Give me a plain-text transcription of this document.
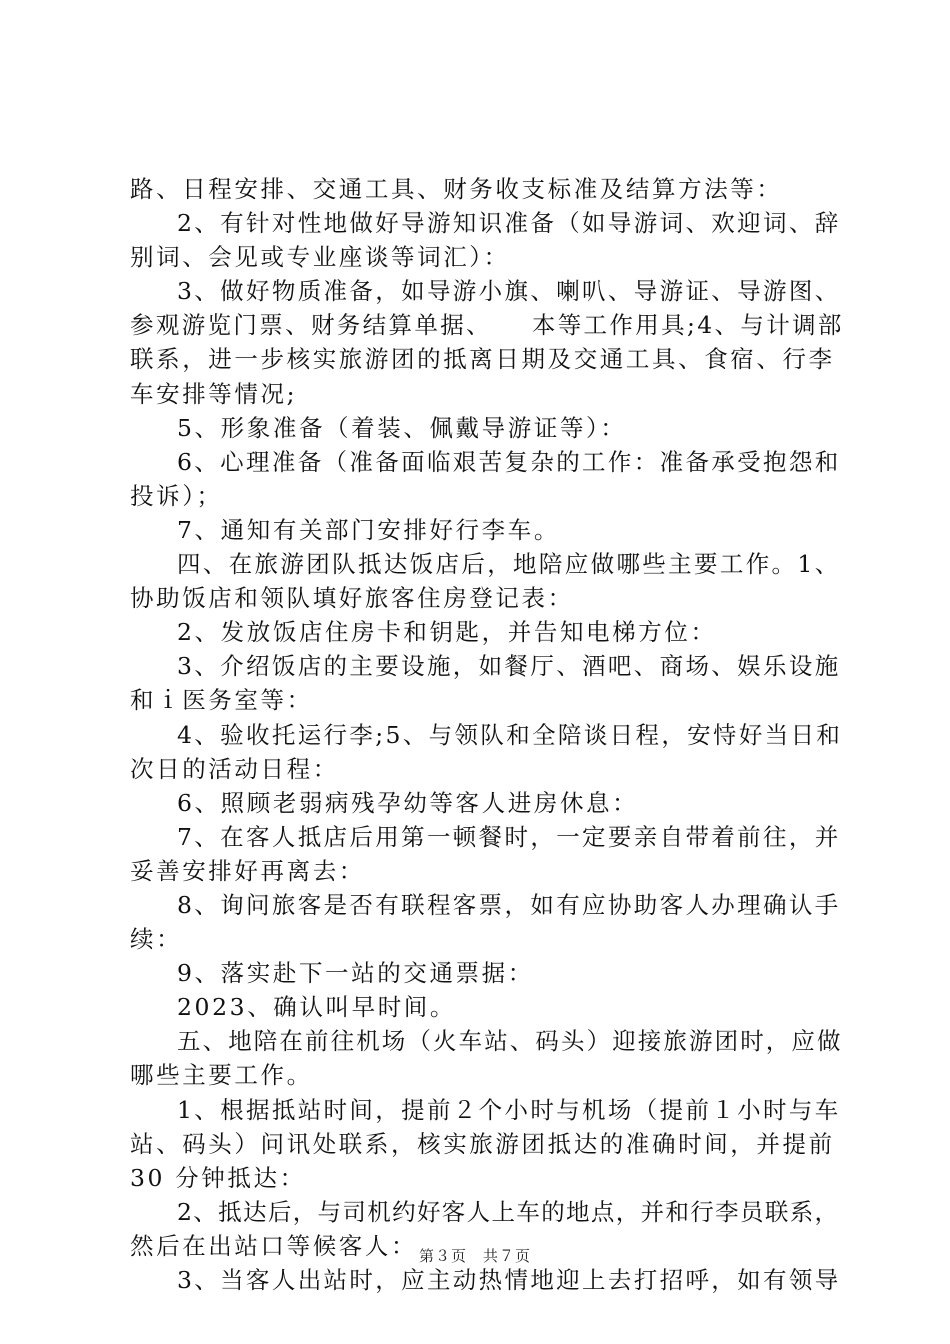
路、日程安排、交通工具、财务收支标准及结算方法等：
2、有针对性地做好导游知识准备（如导游词、欢迎词、辞
别词、会见或专业座谈等词汇）：
3、做好物质准备，如导游小旗、喇叭、导游证、导游图、
参观游览门票、财务结算单据、　　本等工作用具;4、与计调部
联系，进一步核实旅游团的抵离日期及交通工具、食宿、行李
车安排等情况;
5、形象准备（着装、佩戴导游证等）：
6、心理准备（准备面临艰苦复杂的工作：准备承受抱怨和
投诉）；
7、通知有关部门安排好行李车。
四、在旅游团队抵达饭店后，地陪应做哪些主要工作。1、
协助饭店和领队填好旅客住房登记表：
2、发放饭店住房卡和钥匙，并告知电梯方位：
3、介绍饭店的主要设施，如餐厅、酒吧、商场、娱乐设施
和ｉ医务室等：
4、验收托运行李;5、与领队和全陪谈日程，安恃好当日和
次日的活动日程：
6、照顾老弱病残孕幼等客人进房休息：
7、在客人抵店后用第一顿餐时，一定要亲自带着前往，并
妥善安排好再离去：
8、询问旅客是否有联程客票，如有应协助客人办理确认手
续：
9、落实赴下一站的交通票据：
2023、确认叫早时间。
五、地陪在前往机场（火车站、码头）迎接旅游团时，应做
哪些主要工作。
1、根据抵站时间，提前２个小时与机场（提前１小时与车
站、码头）问讯处联系，核实旅游团抵达的准确时间，并提前
30 分钟抵达：
2、抵达后，与司机约好客人上车的地点，并和行李员联系，
然后在出站口等候客人：
3、当客人出站时，应主动热情地迎上去打招呼，如有领导
第３页　共７页
